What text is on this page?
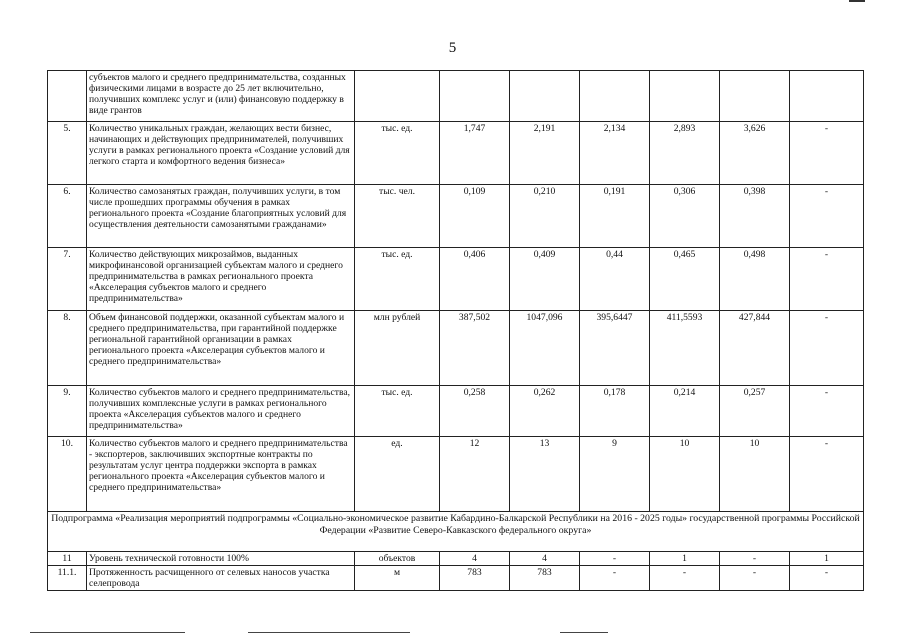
5
	субъектов малого и среднего предпринимательства, созданных физическими лицами в возрасте до 25 лет включительно, получивших комплекс услуг и (или) финансовую поддержку в виде грантов							
5.	Количество уникальных граждан, желающих вести бизнес, начинающих и действующих предпринимателей, получивших услуги в рамках регионального проекта «Создание условий для легкого старта и комфортного ведения бизнеса»	тыс. ед.	1,747	2,191	2,134	2,893	3,626	-
6.	Количество самозанятых граждан, получивших услуги, в том числе прошедших программы обучения в рамках регионального проекта «Создание благоприятных условий для осуществления деятельности самозанятыми гражданами»	тыс. чел.	0,109	0,210	0,191	0,306	0,398	-
7.	Количество действующих микрозаймов, выданных микрофинансовой организацией субъектам малого и среднего предпринимательства в рамках регионального проекта «Акселерация субъектов малого и среднего предпринимательства»	тыс. ед.	0,406	0,409	0,44	0,465	0,498	-
8.	Объем финансовой поддержки, оказанной субъектам малого и среднего предпринимательства, при гарантийной поддержке региональной гарантийной организации в рамках регионального проекта «Акселерация субъектов малого и среднего предпринимательства»	млн рублей	387,502	1047,096	395,6447	411,5593	427,844	-
9.	Количество субъектов малого и среднего предпринимательства, получивших комплексные услуги в рамках регионального проекта «Акселерация субъектов малого и среднего предпринимательства»	тыс. ед.	0,258	0,262	0,178	0,214	0,257	-
10.	Количество субъектов малого и среднего предпринимательства - экспортеров, заключивших экспортные контракты по результатам услуг центра поддержки экспорта в рамках регионального проекта «Акселерация субъектов малого и среднего предпринимательства»	ед.	12	13	9	10	10	-
Подпрограмма «Реализация мероприятий подпрограммы «Социально-экономическое развитие Кабардино-Балкарской Республики на 2016 - 2025 годы» государственной программы Российской Федерации «Развитие Северо-Кавказского федерального округа»								
11	Уровень технической готовности 100%	объектов	4	4	-	1	-	1
11.1.	Протяженность расчищенного от селевых наносов участка селепровода	м	783	783	-	-	-	-
